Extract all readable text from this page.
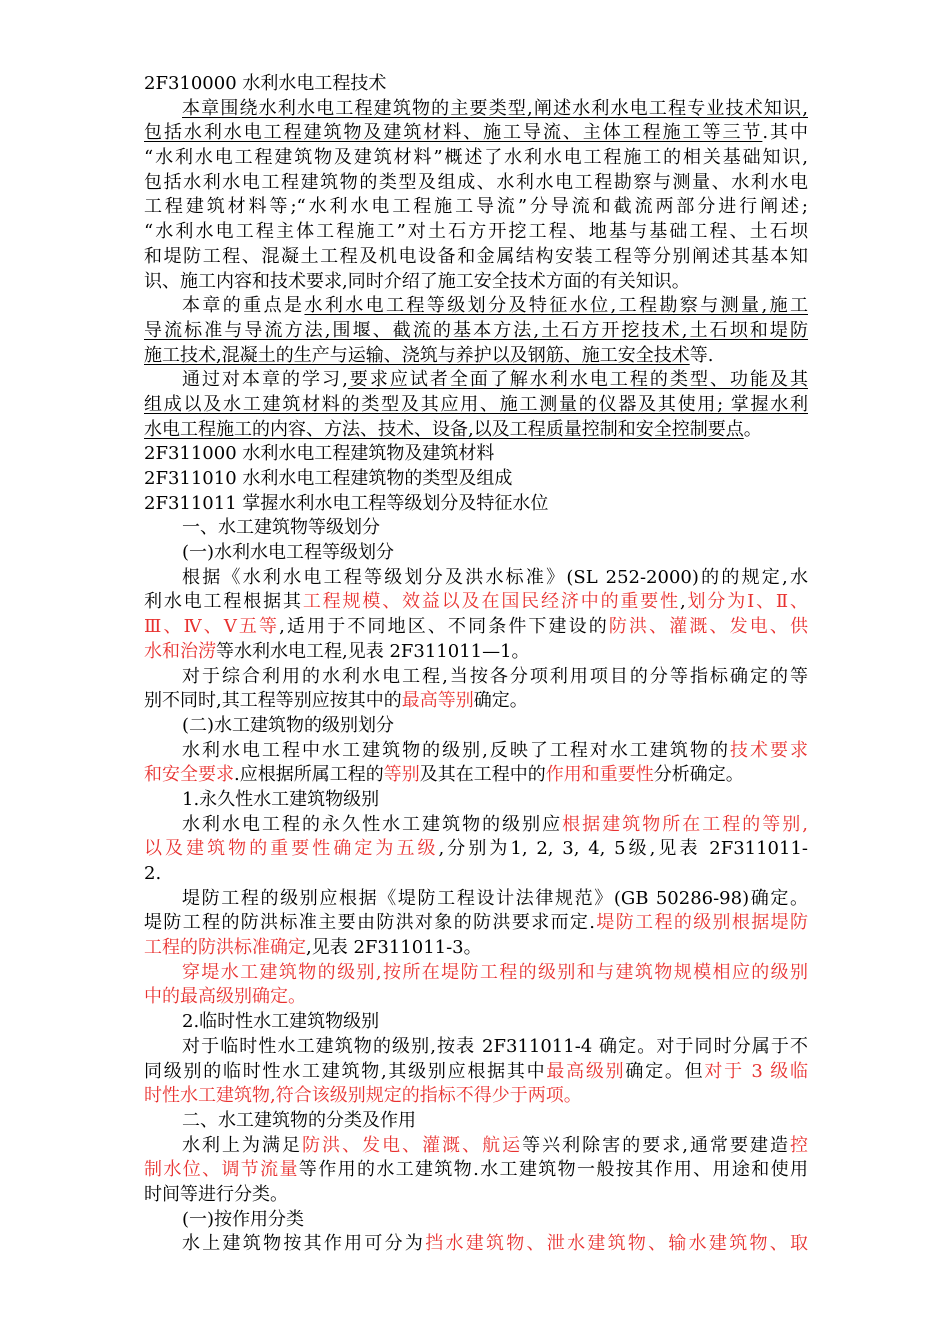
2F310000 水利水电工程技术
本章围绕水利水电工程建筑物的主要类型,阐述水利水电工程专业技术知识,
包括水利水电工程建筑物及建筑材料、施工导流、主体工程施工等三节.其中
“水利水电工程建筑物及建筑材料”概述了水利水电工程施工的相关基础知识,
包括水利水电工程建筑物的类型及组成、水利水电工程勘察与测量、水利水电
工程建筑材料等;“水利水电工程施工导流”分导流和截流两部分进行阐述;
“水利水电工程主体工程施工”对土石方开挖工程、地基与基础工程、土石坝
和堤防工程、混凝土工程及机电设备和金属结构安装工程等分别阐述其基本知
识、施工内容和技术要求,同时介绍了施工安全技术方面的有关知识。
本章的重点是水利水电工程等级划分及特征水位,工程勘察与测量,施工
导流标准与导流方法,围堰、截流的基本方法,土石方开挖技术,土石坝和堤防
施工技术,混凝土的生产与运输、浇筑与养护以及钢筋、施工安全技术等.
通过对本章的学习,要求应试者全面了解水利水电工程的类型、功能及其
组成以及水工建筑材料的类型及其应用、施工测量的仪器及其使用; 掌握水利
水电工程施工的内容、方法、技术、设备,以及工程质量控制和安全控制要点。
2F311000 水利水电工程建筑物及建筑材料
2F311010 水利水电工程建筑物的类型及组成
2F311011 掌握水利水电工程等级划分及特征水位
一、水工建筑物等级划分
(一)水利水电工程等级划分
根据《水利水电工程等级划分及洪水标准》(SL 252-2000)的的规定,水
利水电工程根据其工程规模、效益以及在国民经济中的重要性,划分为Ⅰ、Ⅱ、
Ⅲ、Ⅳ、Ⅴ五等,适用于不同地区、不同条件下建设的防洪、灌溉、发电、供
水和治涝等水利水电工程,见表 2F311011—1。
对于综合利用的水利水电工程,当按各分项利用项目的分等指标确定的等
别不同时,其工程等别应按其中的最高等别确定。
(二)水工建筑物的级别划分
水利水电工程中水工建筑物的级别,反映了工程对水工建筑物的技术要求
和安全要求.应根据所属工程的等别及其在工程中的作用和重要性分析确定。
1.永久性水工建筑物级别
水利水电工程的永久性水工建筑物的级别应根据建筑物所在工程的等别,
以及建筑物的重要性确定为五级,分别为1, 2, 3, 4, 5级,见表 2F311011-
2.
堤防工程的级别应根据《堤防工程设计法律规范》(GB 50286-98)确定。
堤防工程的防洪标准主要由防洪对象的防洪要求而定.堤防工程的级别根据堤防
工程的防洪标准确定,见表 2F311011-3。
穿堤水工建筑物的级别,按所在堤防工程的级别和与建筑物规模相应的级别
中的最高级别确定。
2.临时性水工建筑物级别
对于临时性水工建筑物的级别,按表 2F311011-4 确定。对于同时分属于不
同级别的临时性水工建筑物,其级别应根据其中最高级别确定。但对于 3 级临
时性水工建筑物,符合该级别规定的指标不得少于两项。
二、水工建筑物的分类及作用
水利上为满足防洪、发电、灌溉、航运等兴利除害的要求,通常要建造控
制水位、调节流量等作用的水工建筑物.水工建筑物一般按其作用、用途和使用
时间等进行分类。
(一)按作用分类
水上建筑物按其作用可分为挡水建筑物、泄水建筑物、输水建筑物、取
